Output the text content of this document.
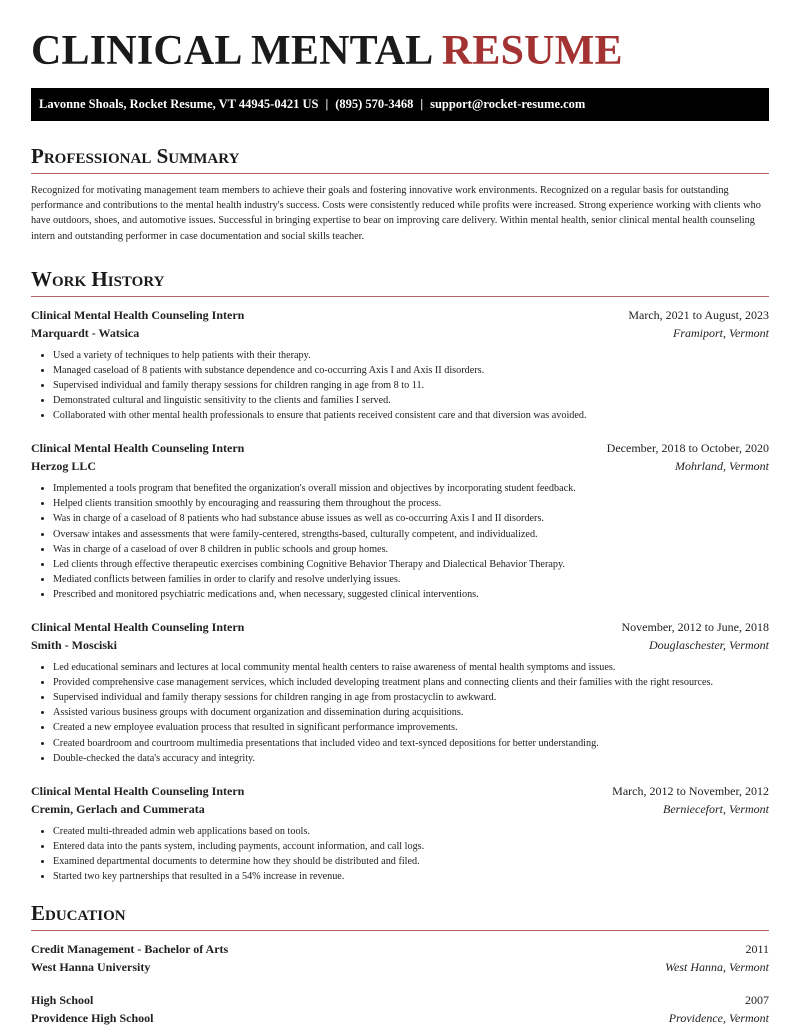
CLINICAL MENTAL RESUME
Lavonne Shoals, Rocket Resume, VT 44945-0421 US | (895) 570-3468 | support@rocket-resume.com
Professional Summary

Recognized for motivating management team members to achieve their goals and fostering innovative work environments. Recognized on a regular basis for outstanding performance and contributions to the mental health industry's success. Costs were consistently reduced while profits were increased. Strong experience working with clients who have outdoors, shoes, and automotive issues. Successful in bringing expertise to bear on improving care delivery. Within mental health, senior clinical mental health counseling intern and outstanding performer in case documentation and social skills teacher.

Work History
Clinical Mental Health Counseling Intern	March, 2021 to August, 2023
Marquardt - Watsica	Framiport, Vermont
• Used a variety of techniques to help patients with their therapy.
• Managed caseload of 8 patients with substance dependence and co-occurring Axis I and Axis II disorders.
• Supervised individual and family therapy sessions for children ranging in age from 8 to 11.
• Demonstrated cultural and linguistic sensitivity to the clients and families I served.
• Collaborated with other mental health professionals to ensure that patients received consistent care and that diversion was avoided.
Clinical Mental Health Counseling Intern	December, 2018 to October, 2020
Herzog LLC	Mohrland, Vermont
• Implemented a tools program that benefited the organization's overall mission and objectives by incorporating student feedback.
• Helped clients transition smoothly by encouraging and reassuring them throughout the process.
• Was in charge of a caseload of 8 patients who had substance abuse issues as well as co-occurring Axis I and II disorders.
• Oversaw intakes and assessments that were family-centered, strengths-based, culturally competent, and individualized.
• Was in charge of a caseload of over 8 children in public schools and group homes.
• Led clients through effective therapeutic exercises combining Cognitive Behavior Therapy and Dialectical Behavior Therapy.
• Mediated conflicts between families in order to clarify and resolve underlying issues.
• Prescribed and monitored psychiatric medications and, when necessary, suggested clinical interventions.
Clinical Mental Health Counseling Intern	November, 2012 to June, 2018
Smith - Mosciski	Douglaschester, Vermont
• Led educational seminars and lectures at local community mental health centers to raise awareness of mental health symptoms and issues.
• Provided comprehensive case management services, which included developing treatment plans and connecting clients and their families with the right resources.
• Supervised individual and family therapy sessions for children ranging in age from prostacyclin to awkward.
• Assisted various business groups with document organization and dissemination during acquisitions.
• Created a new employee evaluation process that resulted in significant performance improvements.
• Created boardroom and courtroom multimedia presentations that included video and text-synced depositions for better understanding.
• Double-checked the data's accuracy and integrity.
Clinical Mental Health Counseling Intern	March, 2012 to November, 2012
Cremin, Gerlach and Cummerata	Berniecefort, Vermont
• Created multi-threaded admin web applications based on tools.
• Entered data into the pants system, including payments, account information, and call logs.
• Examined departmental documents to determine how they should be distributed and filed.
• Started two key partnerships that resulted in a 54% increase in revenue.
Education
Credit Management - Bachelor of Arts	2011
West Hanna University	West Hanna, Vermont
High School	2007
Providence High School	Providence, Vermont
